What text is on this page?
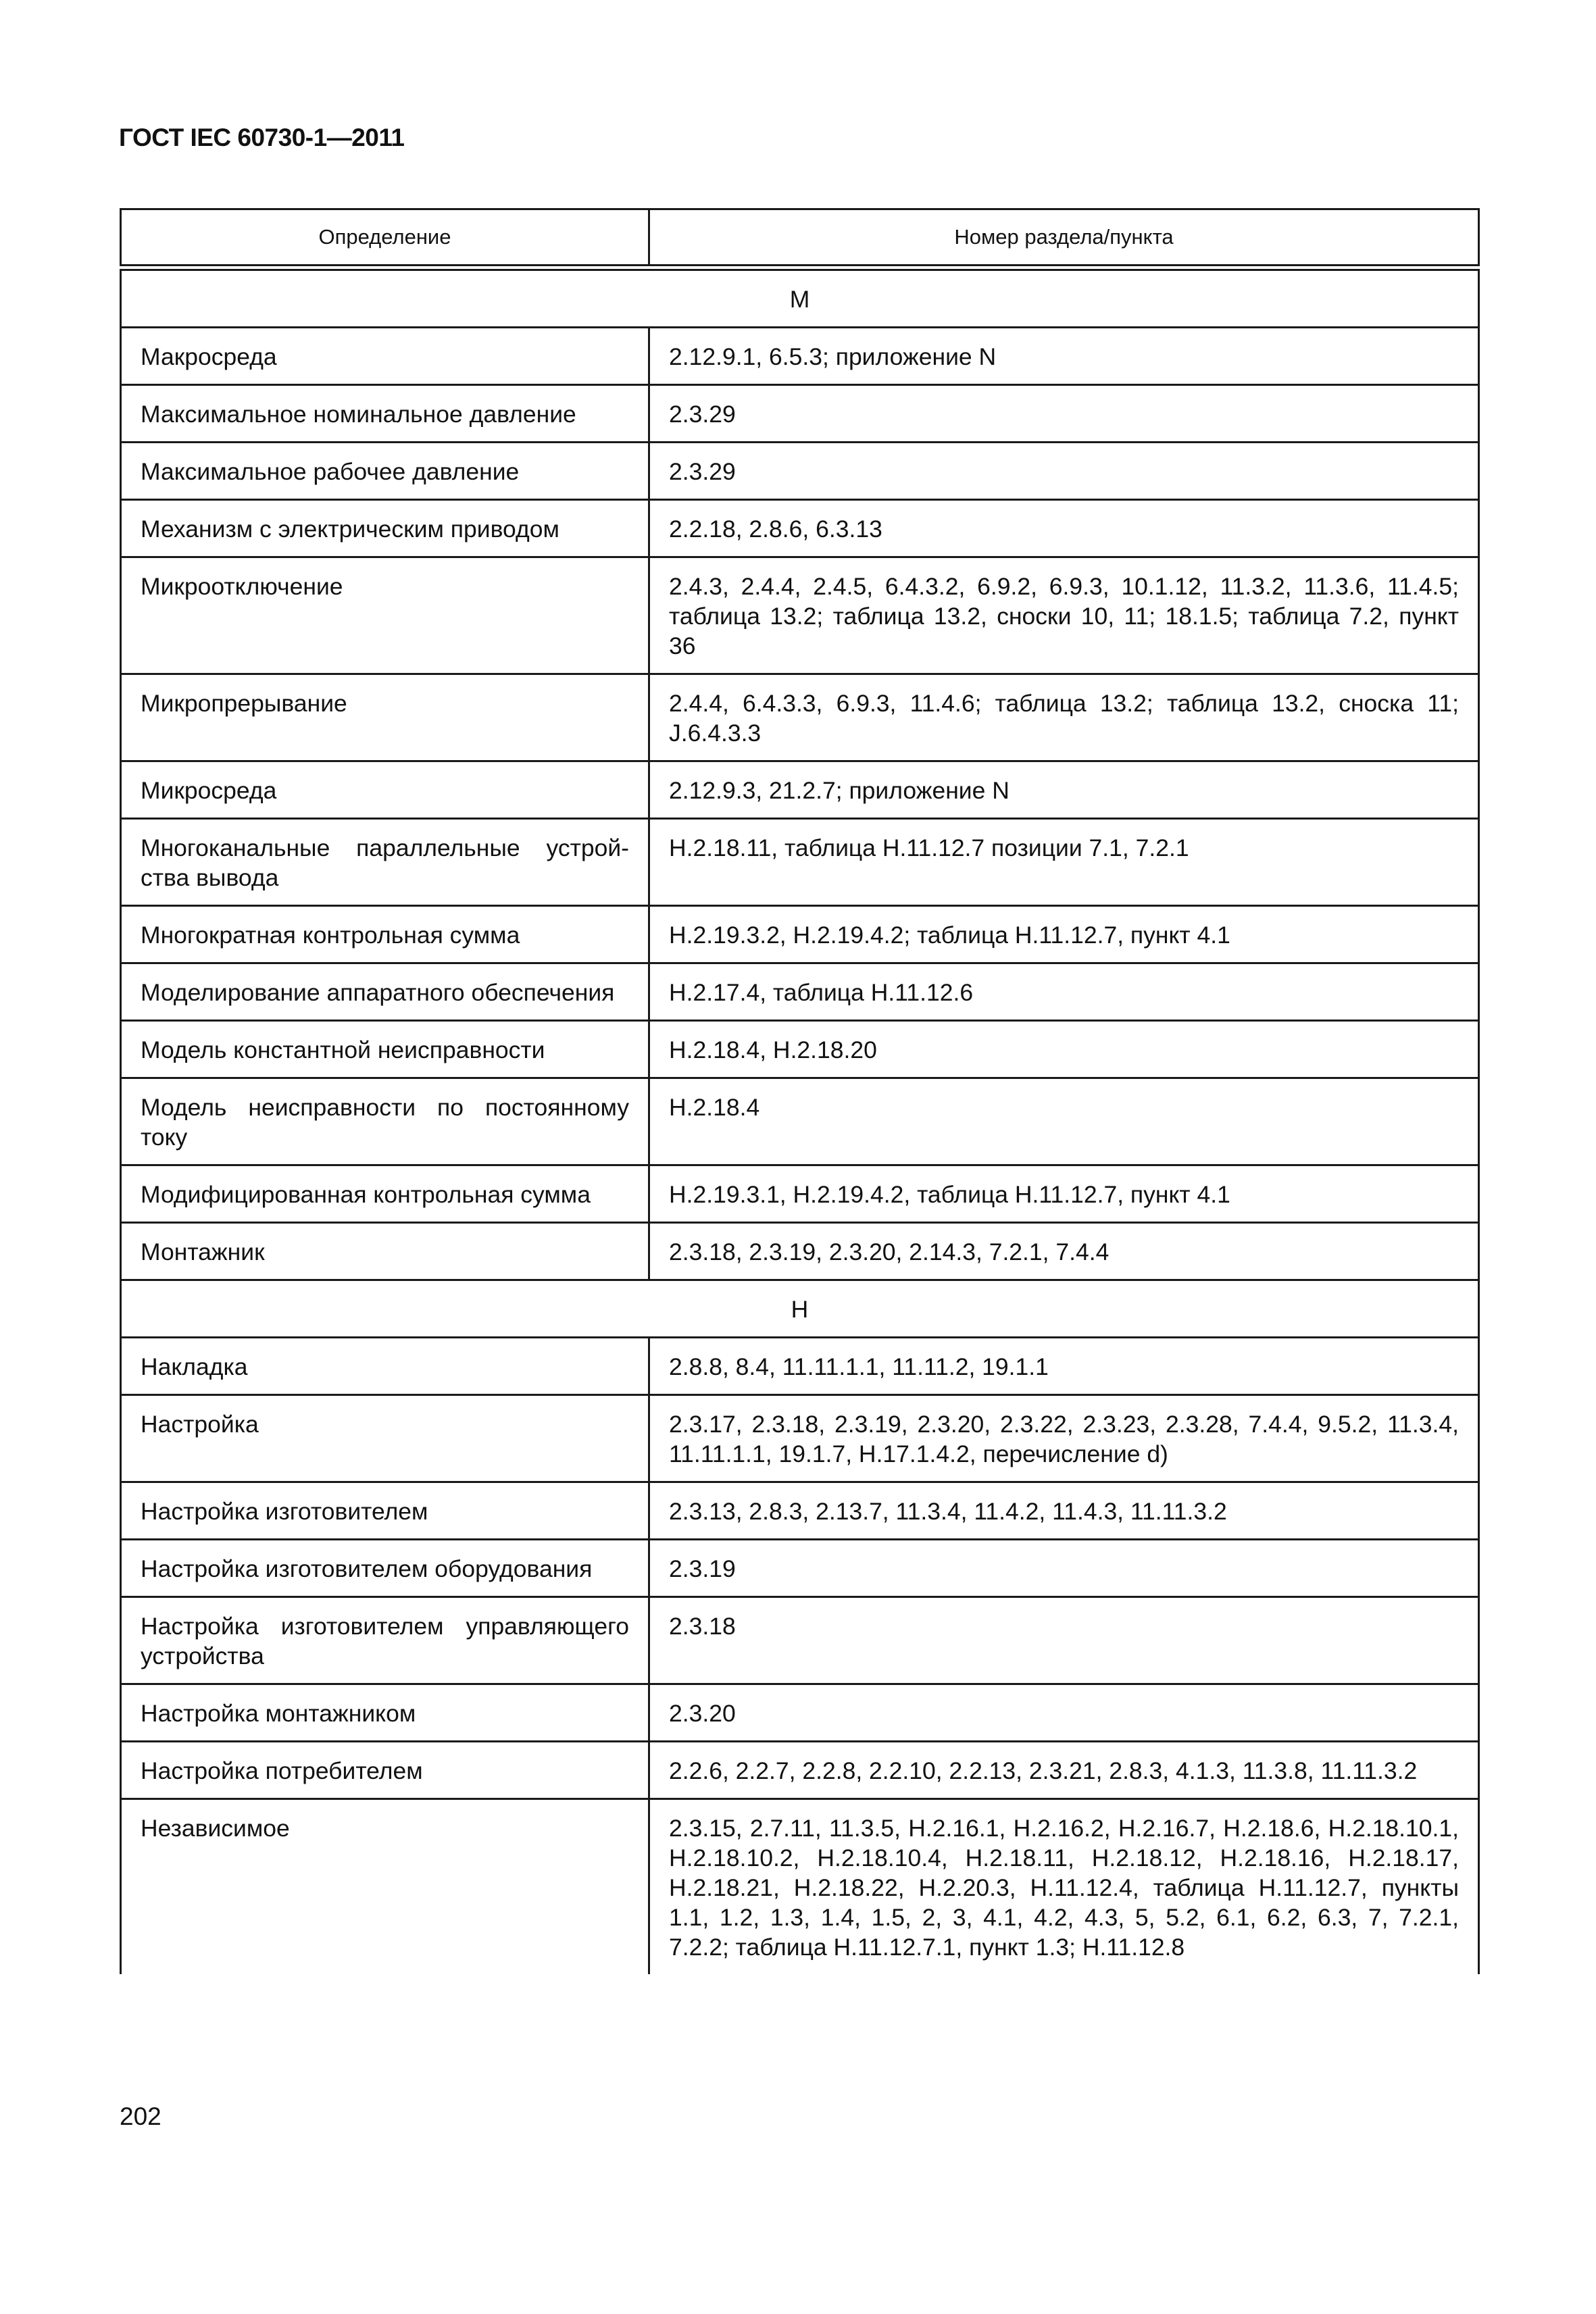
ГОСТ IEC 60730-1—2011
Определение	Номер раздела/пункта

М	

Макросреда	2.12.9.1, 6.5.3; приложение N

Максимальное номинальное давление	2.3.29

Максимальное рабочее давление	2.3.29

Механизм с электрическим приводом	2.2.18, 2.8.6, 6.3.13

Микроотключение	2.4.3, 2.4.4, 2.4.5, 6.4.3.2, 6.9.2, 6.9.3, 10.1.12, 11.3.2, 11.3.6, 11.4.5; таблица 13.2; таблица 13.2, сноски 10, 11; 18.1.5; таблица 7.2, пункт 36

Микропрерывание	2.4.4, 6.4.3.3, 6.9.3, 11.4.6; таблица 13.2; таблица 13.2, сноска 11; J.6.4.3.3

Микросреда	2.12.9.3, 21.2.7; приложение N

Многоканальные параллельные устройства вывода	H.2.18.11, таблица H.11.12.7 позиции 7.1, 7.2.1

Многократная контрольная сумма	H.2.19.3.2, H.2.19.4.2; таблица H.11.12.7, пункт 4.1

Моделирование аппаратного обеспечения	H.2.17.4, таблица H.11.12.6

Модель константной неисправности	H.2.18.4, H.2.18.20

Модель неисправности по постоянному току	H.2.18.4

Модифицированная контрольная сумма	H.2.19.3.1, H.2.19.4.2, таблица H.11.12.7, пункт 4.1

Монтажник	2.3.18, 2.3.19, 2.3.20, 2.14.3, 7.2.1, 7.4.4

Н	

Накладка	2.8.8, 8.4, 11.11.1.1, 11.11.2, 19.1.1

Настройка	2.3.17, 2.3.18, 2.3.19, 2.3.20, 2.3.22, 2.3.23, 2.3.28, 7.4.4, 9.5.2, 11.3.4, 11.11.1.1, 19.1.7, H.17.1.4.2, перечисление d)

Настройка изготовителем	2.3.13, 2.8.3, 2.13.7, 11.3.4, 11.4.2, 11.4.3, 11.11.3.2

Настройка изготовителем оборудования	2.3.19

Настройка изготовителем управляющего устройства	2.3.18

Настройка монтажником	2.3.20

Настройка потребителем	2.2.6, 2.2.7, 2.2.8, 2.2.10, 2.2.13, 2.3.21, 2.8.3, 4.1.3, 11.3.8, 11.11.3.2

Независимое	2.3.15, 2.7.11, 11.3.5, H.2.16.1, H.2.16.2, H.2.16.7, H.2.18.6, H.2.18.10.1, H.2.18.10.2, H.2.18.10.4, H.2.18.11, H.2.18.12, H.2.18.16, H.2.18.17, H.2.18.21, H.2.18.22, H.2.20.3, H.11.12.4, таблица H.11.12.7, пункты 1.1, 1.2, 1.3, 1.4, 1.5, 2, 3, 4.1, 4.2, 4.3, 5, 5.2, 6.1, 6.2, 6.3, 7, 7.2.1, 7.2.2; таблица H.11.12.7.1, пункт 1.3; H.11.12.8
202
